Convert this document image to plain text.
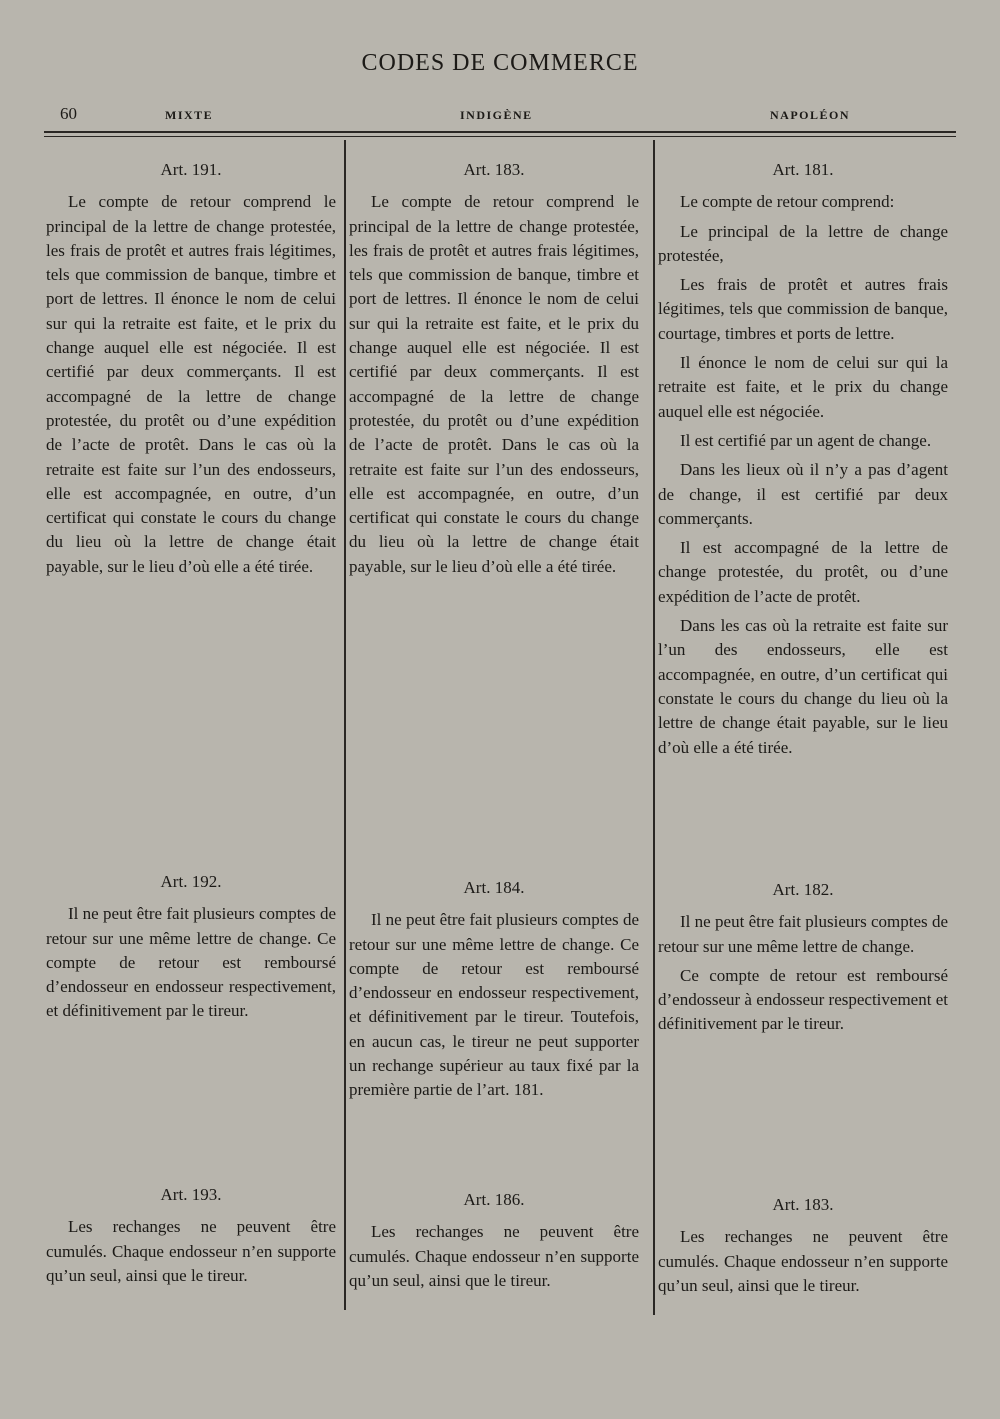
CODES DE COMMERCE
60	MIXTE	INDIGÈNE	NAPOLÉON
Art. 191.

Le compte de retour comprend le principal de la lettre de change protestée, les frais de protêt et autres frais légitimes, tels que commission de banque, timbre et port de lettres. Il énonce le nom de celui sur qui la retraite est faite, et le prix du change auquel elle est négociée. Il est certifié par deux commerçants. Il est accompagné de la lettre de change protestée, du protêt ou d’une expédition de l’acte de protêt. Dans le cas où la retraite est faite sur l’un des endosseurs, elle est accompagnée, en outre, d’un certificat qui constate le cours du change du lieu où la lettre de change était payable, sur le lieu d’où elle a été tirée.

Art. 192.

Il ne peut être fait plusieurs comptes de retour sur une même lettre de change. Ce compte de retour est remboursé d’endosseur en endosseur respectivement, et définitivement par le tireur.

Art. 193.

Les rechanges ne peuvent être cumulés. Chaque endosseur n’en supporte qu’un seul, ainsi que le tireur.

Art. 183.

Le compte de retour comprend le principal de la lettre de change protestée, les frais de protêt et autres frais légitimes, tels que commission de banque, timbre et port de lettres. Il énonce le nom de celui sur qui la retraite est faite, et le prix du change auquel elle est négociée. Il est certifié par deux commerçants. Il est accompagné de la lettre de change protestée, du protêt ou d’une expédition de l’acte de protêt. Dans le cas où la retraite est faite sur l’un des endosseurs, elle est accompagnée, en outre, d’un certificat qui constate le cours du change du lieu où la lettre de change était payable, sur le lieu d’où elle a été tirée.

Art. 184.

Il ne peut être fait plusieurs comptes de retour sur une même lettre de change. Ce compte de retour est remboursé d’endosseur en endosseur respectivement, et définitivement par le tireur. Toutefois, en aucun cas, le tireur ne peut supporter un rechange supérieur au taux fixé par la première partie de l’art. 181.

Art. 186.

Les rechanges ne peuvent être cumulés. Chaque endosseur n’en supporte qu’un seul, ainsi que le tireur.

Art. 181.

Le compte de retour comprend:

Le principal de la lettre de change protestée,

Les frais de protêt et autres frais légitimes, tels que commission de banque, courtage, timbres et ports de lettre.

Il énonce le nom de celui sur qui la retraite est faite, et le prix du change auquel elle est négociée.

Il est certifié par un agent de change.

Dans les lieux où il n’y a pas d’agent de change, il est certifié par deux commerçants.

Il est accompagné de la lettre de change protestée, du protêt, ou d’une expédition de l’acte de protêt.

Dans les cas où la retraite est faite sur l’un des endosseurs, elle est accompagnée, en outre, d’un certificat qui constate le cours du change du lieu où la lettre de change était payable, sur le lieu d’où elle a été tirée.

Art. 182.

Il ne peut être fait plusieurs comptes de retour sur une même lettre de change.

Ce compte de retour est remboursé d’endosseur à endosseur respectivement et définitivement par le tireur.

Art. 183.

Les rechanges ne peuvent être cumulés. Chaque endosseur n’en supporte qu’un seul, ainsi que le tireur.
